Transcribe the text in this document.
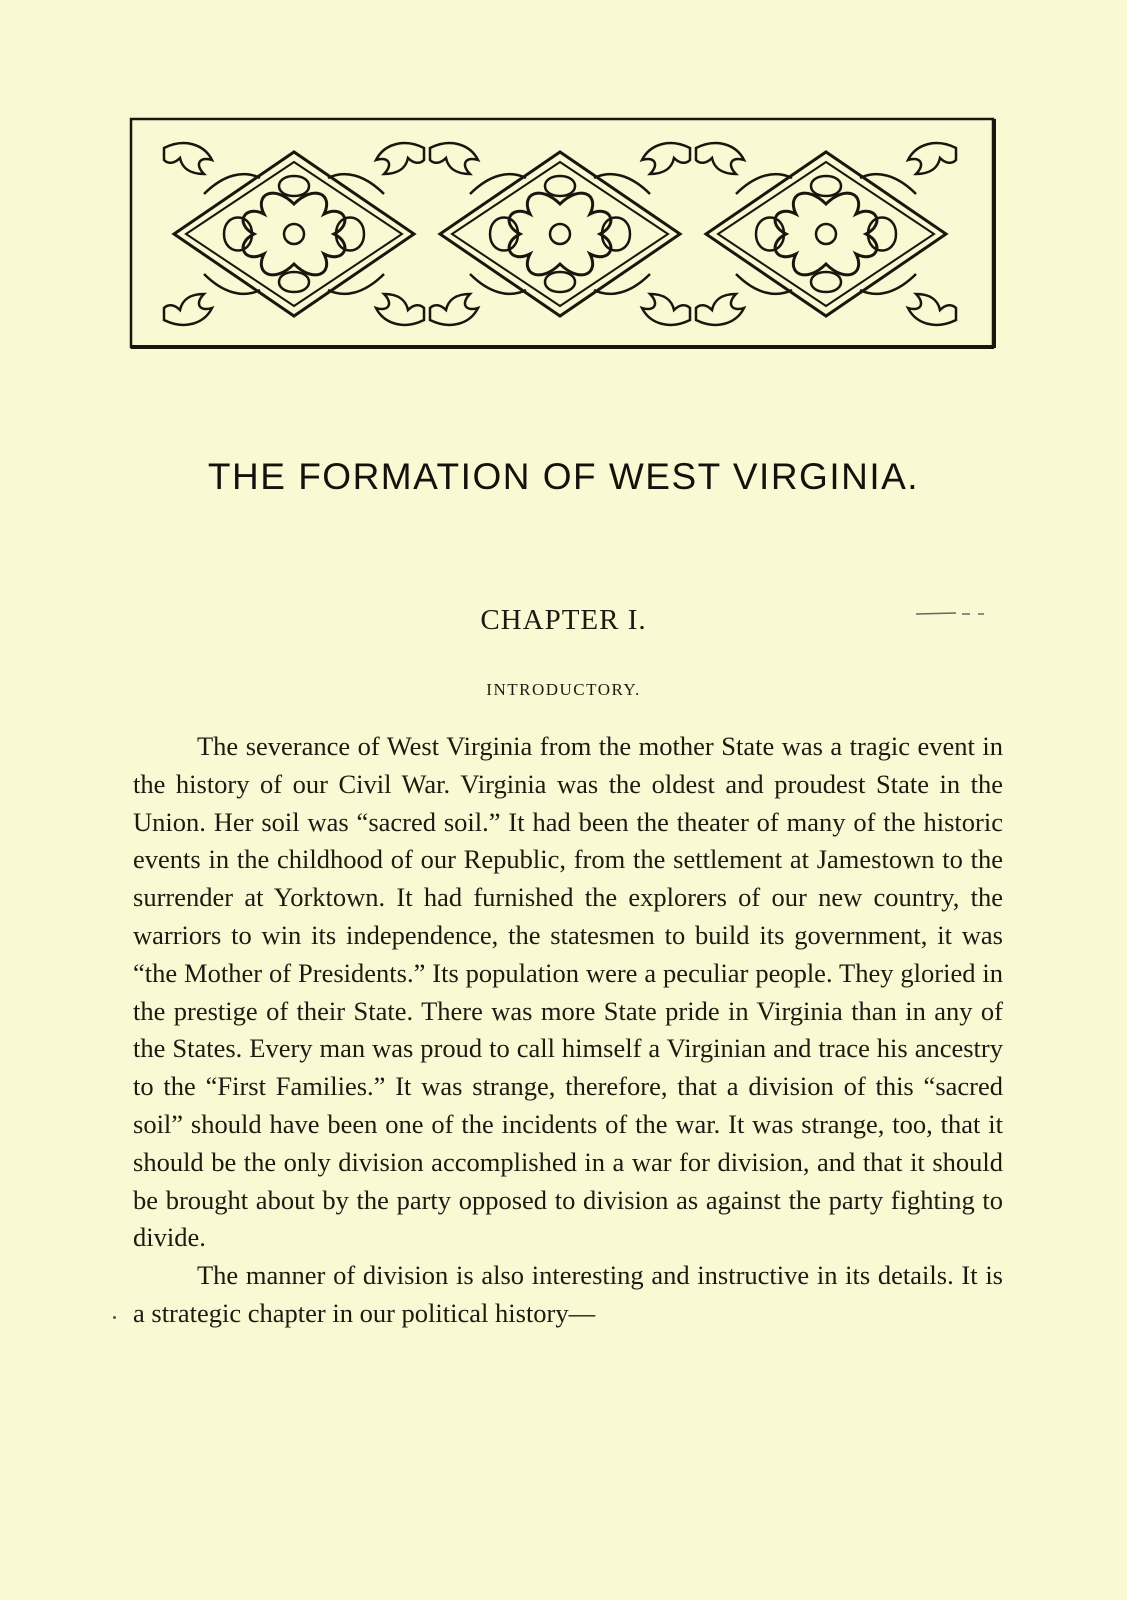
THE FORMATION OF WEST VIRGINIA.
CHAPTER I.
INTRODUCTORY.

The severance of West Virginia from the mother State was a tragic event in the history of our Civil War. Virginia was the oldest and proudest State in the Union. Her soil was “sacred soil.” It had been the theater of many of the historic events in the childhood of our Republic, from the settlement at Jamestown to the surrender at Yorktown. It had furnished the explorers of our new country, the warriors to win its independence, the statesmen to build its government, it was “the Mother of Presidents.” Its population were a peculiar people. They gloried in the prestige of their State. There was more State pride in Virginia than in any of the States. Every man was proud to call himself a Virginian and trace his ancestry to the “First Families.” It was strange, therefore, that a division of this “sacred soil” should have been one of the incidents of the war. It was strange, too, that it should be the only division accomplished in a war for division, and that it should be brought about by the party opposed to division as against the party fighting to divide.

The manner of division is also interesting and instructive in its details. It is a strategic chapter in our political history—
